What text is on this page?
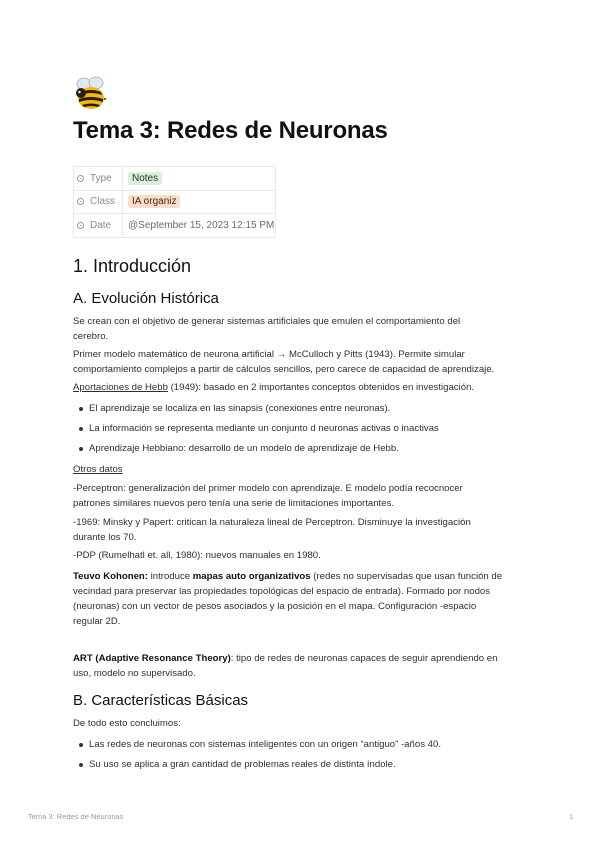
Tema 3: Redes de Neuronas
Type	Notes
Class	IA organiz
Date	@September 15, 2023 12:15 PM
1. Introducción
A. Evolución Histórica
Se crean con el objetivo de generar sistemas artificiales que emulen el comportamiento del
cerebro.
Primer modelo matemático de neurona artificial → McCulloch y Pitts (1943). Permite simular
comportamiento complejos a partir de cálculos sencillos, pero carece de capacidad de aprendizaje.
Aportaciones de Hebb (1949): basado en 2 importantes conceptos obtenidos en investigación.
El aprendizaje se localiza en las sinapsis (conexiones entre neuronas).
La información se representa mediante un conjunto d neuronas activas o inactivas
Aprendizaje Hebbiano: desarrollo de un modelo de aprendizaje de Hebb.
Otros datos
-Perceptron: generalización del primer modelo con aprendizaje. E modelo podía recocnocer
patrones similares nuevos pero tenía una serie de limitaciones importantes.
-1969: Minsky y Papert: critican la naturaleza lineal de Perceptron. Disminuye la investigación
durante los 70.
-PDP (Rumelhatl et. all, 1980): nuevos manuales en 1980.
Teuvo Kohonen: introduce mapas auto organizativos (redes no supervisadas que usan función de
vecindad para preservar las propiedades topológicas del espacio de entrada). Formado por nodos
(neuronas) con un vector de pesos asociados y la posición en el mapa. Configuración -espacio
regular 2D.
ART (Adaptive Resonance Theory): tipo de redes de neuronas capaces de seguir aprendiendo en
uso, modelo no supervisado.
B. Características Básicas
De todo esto concluimos:
Las redes de neuronas con sistemas inteligentes con un origen “antiguo” -años 40.
Su uso se aplica a gran cantidad de problemas reales de distinta índole.
Tema 3: Redes de Neuronas	1
